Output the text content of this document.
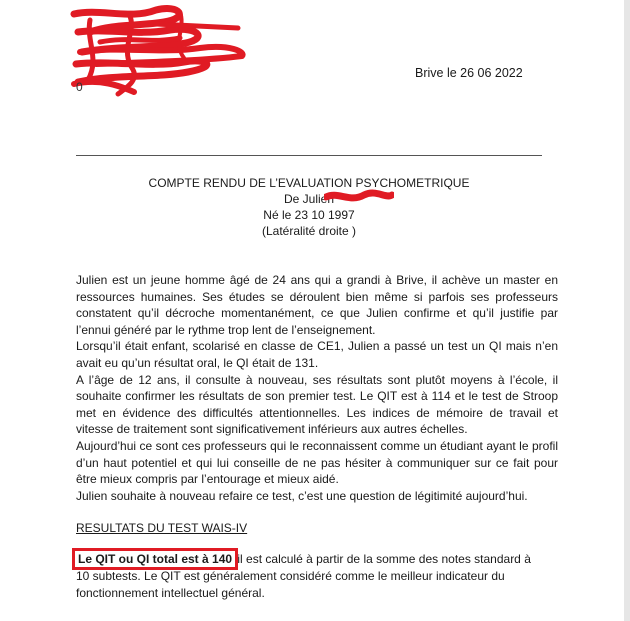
0
Brive le 26 06 2022
COMPTE RENDU DE L’EVALUATION PSYCHOMETRIQUE
De Julien
Né le 23 10 1997
(Latéralité droite )

Julien est un jeune homme âgé de 24 ans qui a grandi à Brive, il achève un master en ressources humaines. Ses études se déroulent bien même si parfois ses professeurs constatent qu’il décroche momentanément, ce que Julien confirme et qu’il justifie par l’ennui généré par le rythme trop lent de l’enseignement.

Lorsqu’il était enfant, scolarisé en classe de CE1, Julien a passé un test un QI mais n’en avait eu qu’un résultat oral, le QI était de 131.

A l’âge de 12 ans, il consulte à nouveau, ses résultats sont plutôt moyens à l’école, il souhaite confirmer les résultats de son premier test. Le QIT est à 114 et le test de Stroop met en évidence des difficultés attentionnelles. Les indices de mémoire de travail et vitesse de traitement sont significativement inférieurs aux autres échelles.

Aujourd’hui ce sont ces professeurs qui le reconnaissent comme un étudiant ayant le profil d’un haut potentiel et qui lui conseille de ne pas hésiter à communiquer sur ce fait pour être mieux compris par l’entourage et mieux aidé.

Julien souhaite à nouveau refaire ce test, c’est une question de légitimité aujourd’hui.

RESULTATS DU TEST WAIS-IV

Le QIT ou QI total est à 140 il est calculé à partir de la somme des notes standard à 10 subtests. Le QIT est généralement considéré comme le meilleur indicateur du fonctionnement intellectuel général.
